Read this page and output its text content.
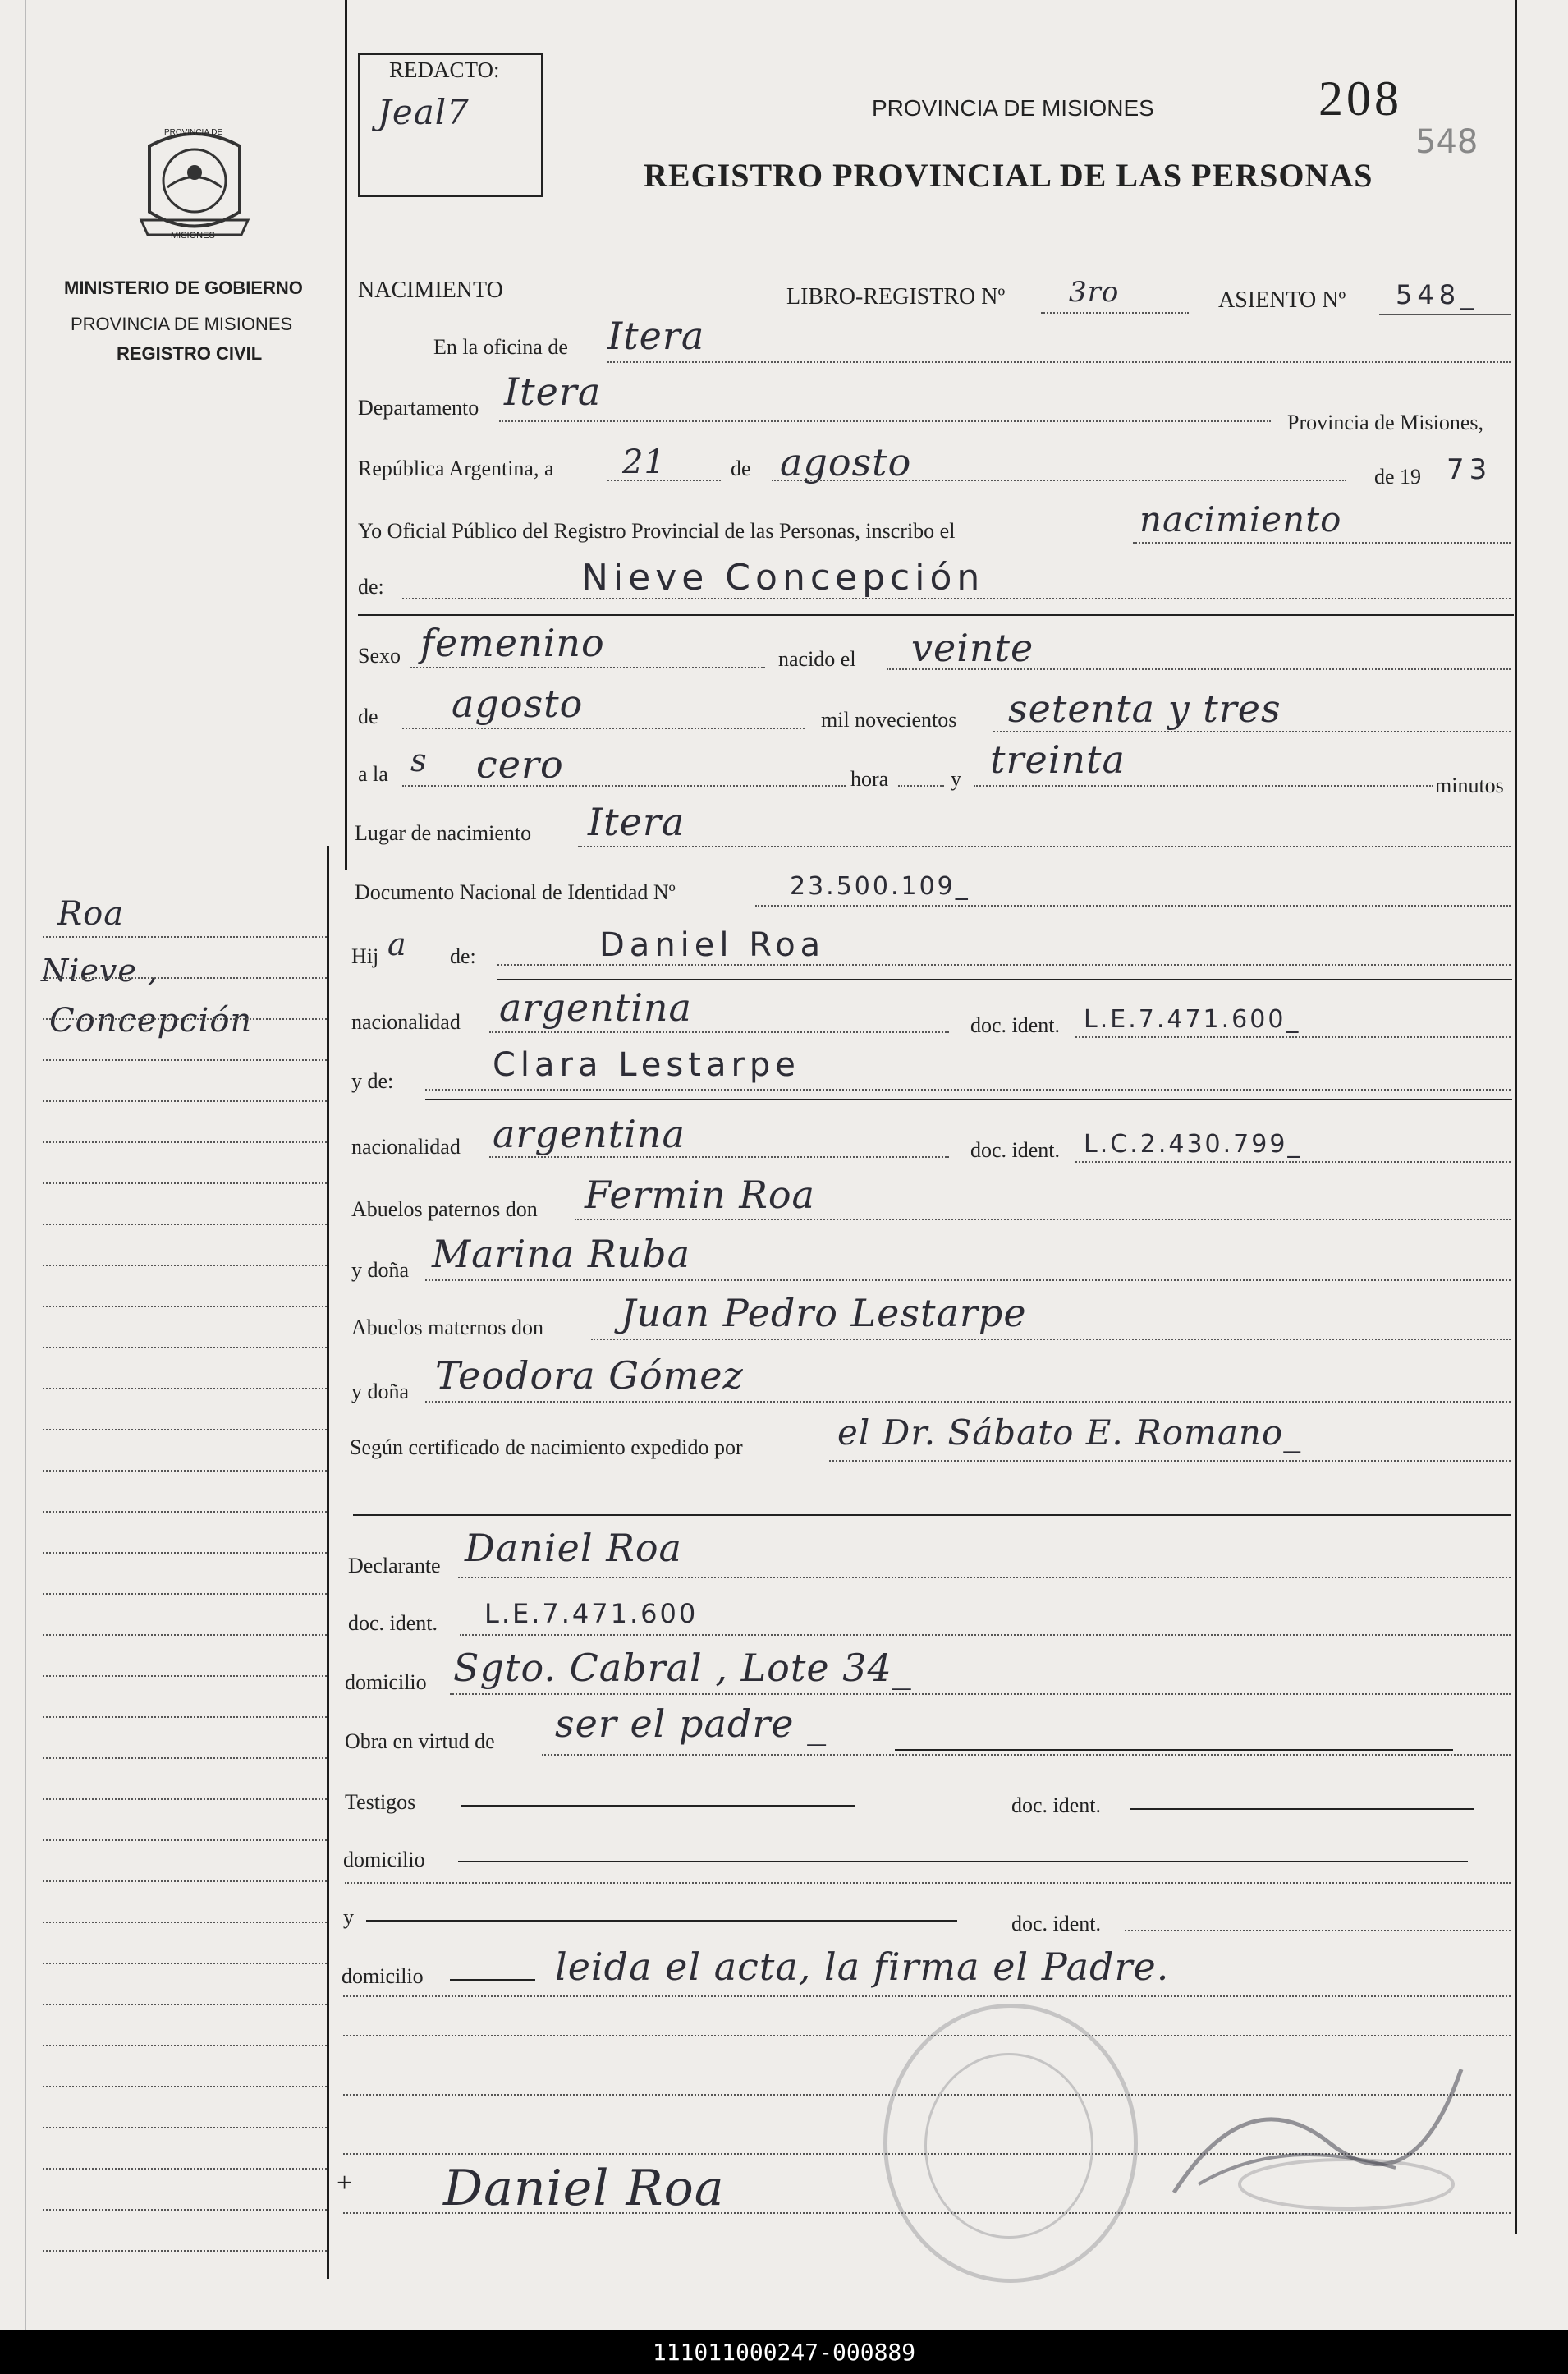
MISIONES
PROVINCIA DE
MINISTERIO DE GOBIERNO
PROVINCIA DE MISIONES
REGISTRO CIVIL
Roa
Nieve ,
Concepción
REDACTO:
Jeal7	PROVINCIA DE MISIONES
REGISTRO PROVINCIAL DE LAS PERSONAS
208
548
NACIMIENTO	LIBRO-REGISTRO Nº 3ro	ASIENTO Nº 548_
En la oficina de Itera
Departamento Itera
Provincia de Misiones,
República Argentina, a 21	de agosto	de 19 73
Yo Oficial Público del Registro Provincial de las Personas, inscribo el	nacimiento
de:	Nieve Concepción
Sexo femenino	nacido el veinte
de agosto	mil novecientos setenta y tres
a la s cero	hora	y treinta
minutos
Lugar de nacimiento Itera
Documento Nacional de Identidad Nº	23.500.109_
Hij a de:	Daniel Roa
nacionalidad argentina	doc. ident. L.E.7.471.600_
y de:	Clara Lestarpe
nacionalidad argentina	doc. ident. L.C.2.430.799_
Abuelos paternos don Fermin Roa
y doña Marina Ruba
Abuelos maternos don Juan Pedro Lestarpe
y doña Teodora Gómez
Según certificado de nacimiento expedido por	el Dr. Sábato E. Romano_
Declarante Daniel Roa
doc. ident. L.E.7.471.600
domicilio Sgto. Cabral , Lote 34_
Obra en virtud de ser el padre _
Testigos	doc. ident.
domicilio
y	doc. ident.
domicilio	leida el acta, la firma el Padre.
+ Daniel Roa
111011000247-000889
